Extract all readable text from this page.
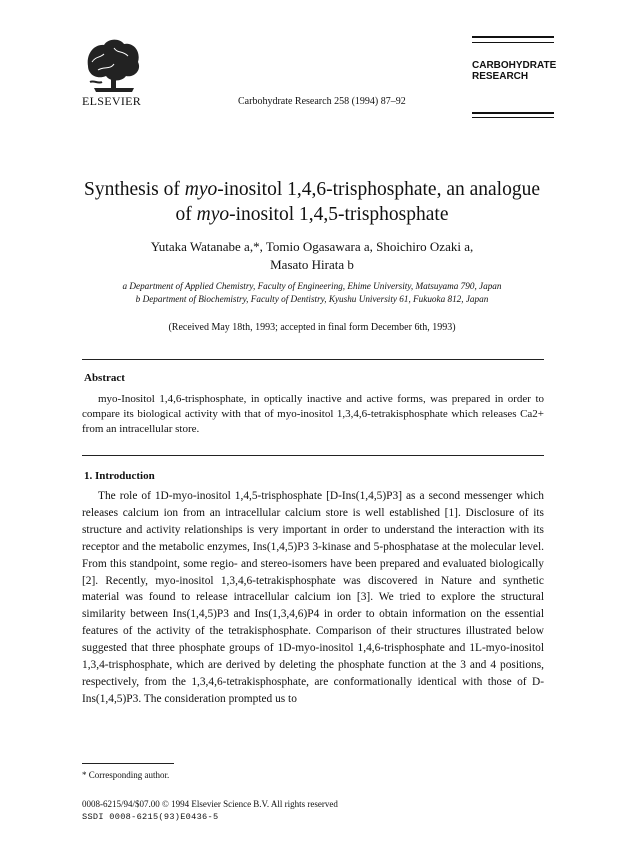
ELSEVIER	Carbohydrate Research 258 (1994) 87–92
CARBOHYDRATE
RESEARCH
Synthesis of myo-inositol 1,4,6-trisphosphate, an analogue
of myo-inositol 1,4,5-trisphosphate
Yutaka Watanabe a,*, Tomio Ogasawara a, Shoichiro Ozaki a,
Masato Hirata b
a Department of Applied Chemistry, Faculty of Engineering, Ehime University, Matsuyama 790, Japan
b Department of Biochemistry, Faculty of Dentistry, Kyushu University 61, Fukuoka 812, Japan
(Received May 18th, 1993; accepted in final form December 6th, 1993)
Abstract
myo-Inositol 1,4,6-trisphosphate, in optically inactive and active forms, was prepared in order to compare its biological activity with that of myo-inositol 1,3,4,6-tetrakisphosphate which releases Ca2+ from an intracellular store.
1. Introduction
The role of 1D-myo-inositol 1,4,5-trisphosphate [D-Ins(1,4,5)P3] as a second messenger which releases calcium ion from an intracellular calcium store is well established [1]. Disclosure of its structure and activity relationships is very important in order to understand the interaction with its receptor and the metabolic enzymes, Ins(1,4,5)P3 3-kinase and 5-phosphatase at the molecular level. From this standpoint, some regio- and stereo-isomers have been prepared and evaluated biologically [2]. Recently, myo-inositol 1,3,4,6-tetrakisphosphate was discovered in Nature and synthetic material was found to release intracellular calcium ion [3]. We tried to explore the structural similarity between Ins(1,4,5)P3 and Ins(1,3,4,6)P4 in order to obtain information on the essential features of the activity of the tetrakisphosphate. Comparison of their structures illustrated below suggested that three phosphate groups of 1D-myo-inositol 1,4,6-trisphosphate and 1L-myo-inositol 1,3,4-trisphosphate, which are derived by deleting the phosphate function at the 3 and 4 positions, respectively, from the 1,3,4,6-tetrakisphosphate, are conformationally identical with those of D-Ins(1,4,5)P3. The consideration prompted us to
* Corresponding author.
0008-6215/94/$07.00 © 1994 Elsevier Science B.V. All rights reserved
SSDI 0008-6215(93)E0436-5
